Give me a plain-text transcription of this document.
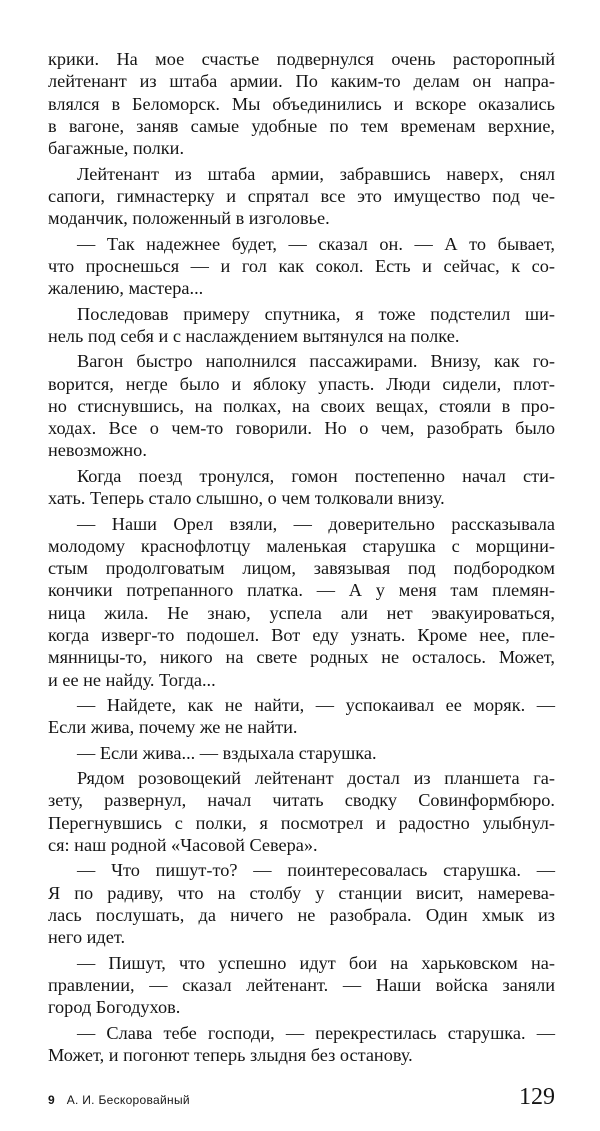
крики. На мое счастье подвернулся очень расторопный
лейтенант из штаба армии. По каким-то делам он напра-
влялся в Беломорск. Мы объединились и вскоре оказались
в вагоне, заняв самые удобные по тем временам верхние,
багажные, полки.
Лейтенант из штаба армии, забравшись наверх, снял
сапоги, гимнастерку и спрятал все это имущество под че-
моданчик, положенный в изголовье.
— Так надежнее будет, — сказал он. — А то бывает,
что проснешься — и гол как сокол. Есть и сейчас, к со-
жалению, мастера...
Последовав примеру спутника, я тоже подстелил ши-
нель под себя и с наслаждением вытянулся на полке.
Вагон быстро наполнился пассажирами. Внизу, как го-
ворится, негде было и яблоку упасть. Люди сидели, плот-
но стиснувшись, на полках, на своих вещах, стояли в про-
ходах. Все о чем-то говорили. Но о чем, разобрать было
невозможно.
Когда поезд тронулся, гомон постепенно начал сти-
хать. Теперь стало слышно, о чем толковали внизу.
— Наши Орел взяли, — доверительно рассказывала
молодому краснофлотцу маленькая старушка с морщини-
стым продолговатым лицом, завязывая под подбородком
кончики потрепанного платка. — А у меня там племян-
ница жила. Не знаю, успела али нет эвакуироваться,
когда изверг-то подошел. Вот еду узнать. Кроме нее, пле-
мянницы-то, никого на свете родных не осталось. Может,
и ее не найду. Тогда...
— Найдете, как не найти, — успокаивал ее моряк. —
Если жива, почему же не найти.
— Если жива... — вздыхала старушка.
Рядом розовощекий лейтенант достал из планшета га-
зету, развернул, начал читать сводку Совинформбюро.
Перегнувшись с полки, я посмотрел и радостно улыбнул-
ся: наш родной «Часовой Севера».
— Что пишут-то? — поинтересовалась старушка. —
Я по радиву, что на столбу у станции висит, намерева-
лась послушать, да ничего не разобрала. Один хмык из
него идет.
— Пишут, что успешно идут бои на харьковском на-
правлении, — сказал лейтенант. — Наши войска заняли
город Богодухов.
— Слава тебе господи, — перекрестилась старушка. —
Может, и погонют теперь злыдня без останову.
9 А. И. Бескоровайный	129
